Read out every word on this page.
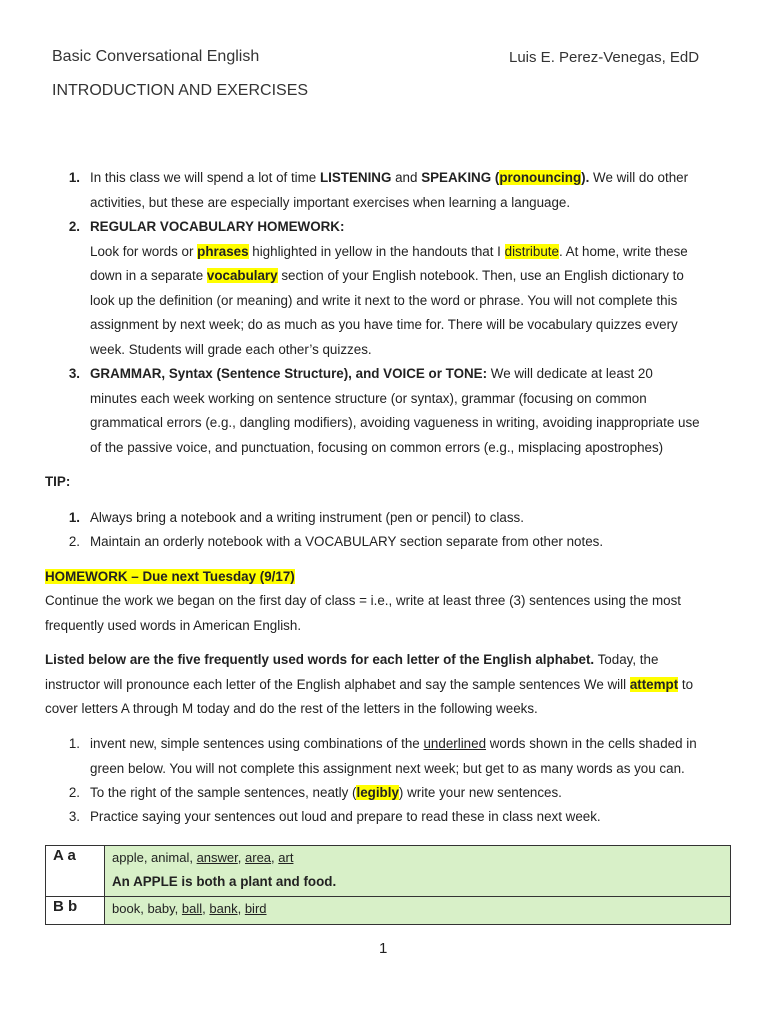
Basic Conversational English	Luis E. Perez-Venegas, EdD
INTRODUCTION AND EXERCISES
1. In this class we will spend a lot of time LISTENING and SPEAKING (pronouncing). We will do other
activities, but these are especially important exercises when learning a language.
2. REGULAR VOCABULARY HOMEWORK:
Look for words or phrases highlighted in yellow in the handouts that I distribute. At home, write these
down in a separate vocabulary section of your English notebook. Then, use an English dictionary to
look up the definition (or meaning) and write it next to the word or phrase. You will not complete this
assignment by next week; do as much as you have time for. There will be vocabulary quizzes every
week. Students will grade each other’s quizzes.
3. GRAMMAR, Syntax (Sentence Structure), and VOICE or TONE: We will dedicate at least 20
minutes each week working on sentence structure (or syntax), grammar (focusing on common
grammatical errors (e.g., dangling modifiers), avoiding vagueness in writing, avoiding inappropriate use
of the passive voice, and punctuation, focusing on common errors (e.g., misplacing apostrophes)
TIP:
1. Always bring a notebook and a writing instrument (pen or pencil) to class.
2. Maintain an orderly notebook with a VOCABULARY section separate from other notes.
HOMEWORK – Due next Tuesday (9/17)
Continue the work we began on the first day of class = i.e., write at least three (3) sentences using the most
frequently used words in American English.
Listed below are the five frequently used words for each letter of the English alphabet. Today, the
instructor will pronounce each letter of the English alphabet and say the sample sentences We will attempt to
cover letters A through M today and do the rest of the letters in the following weeks.
1. invent new, simple sentences using combinations of the underlined words shown in the cells shaded in
green below. You will not complete this assignment next week; but get to as many words as you can.
2. To the right of the sample sentences, neatly (legibly) write your new sentences.
3. Practice saying your sentences out loud and prepare to read these in class next week.
A a	apple, animal, answer, area, art
An APPLE is both a plant and food.

B b	book, baby, ball, bank, bird
1
